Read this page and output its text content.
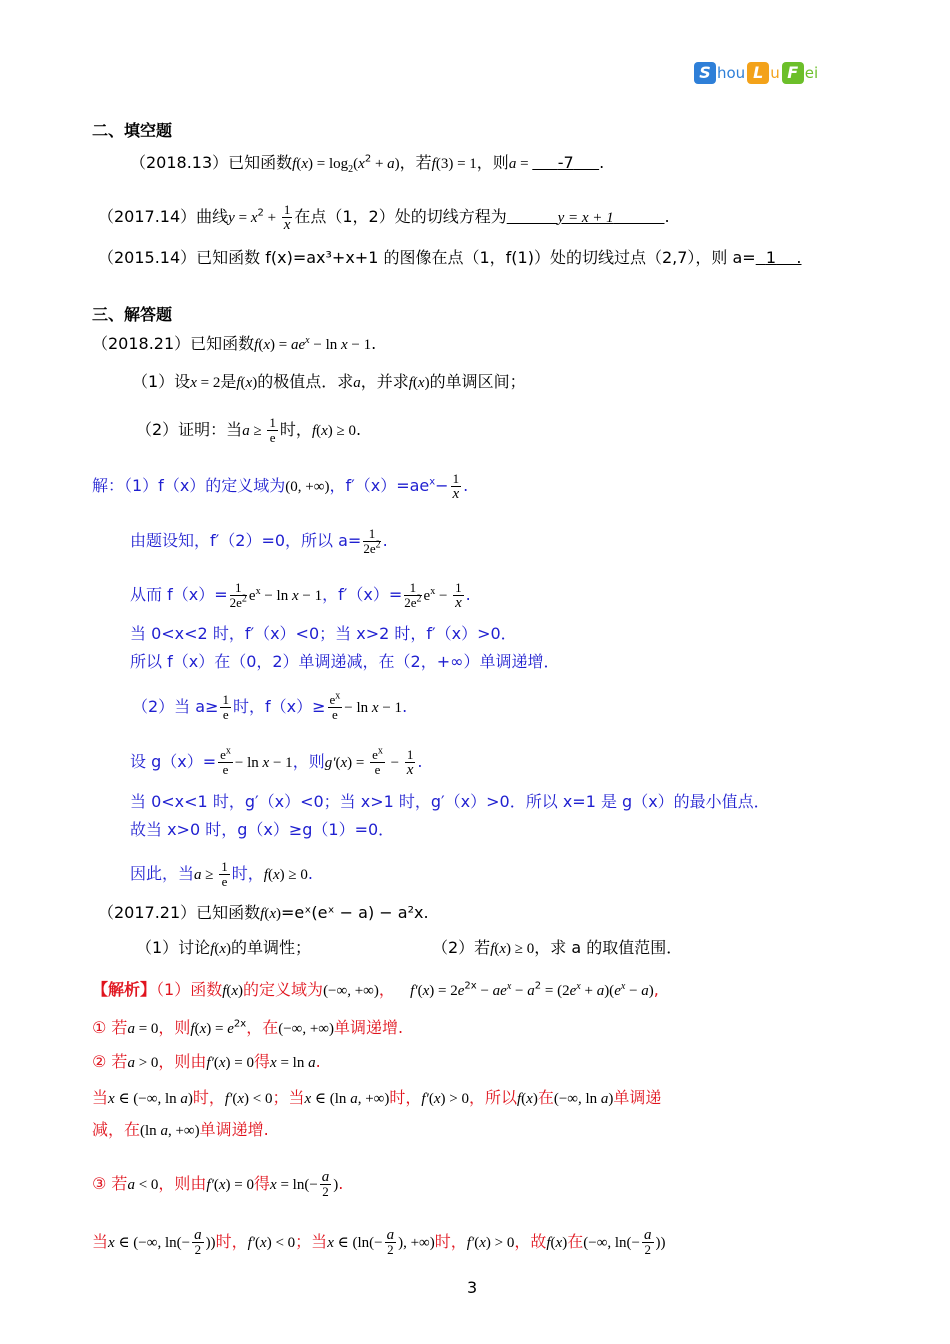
S hou L u F ei
二、填空题
（2018.13）已知函数$f(x) = \log_2(x^2 + a)$，若f(3) = 1，则a =      -7 .
（2017.14）曲线$y = x^2 + \frac{1}{x}$ 在点（1，2）处的切线方程为	y = x + 1	.
（2015.14）已知函数 f(x)=ax³+x+1 的图像在点（1，f(1)）处的切线过点（2,7），则 a= 1    .
三、解答题
（2018.21）已知函数$f(x) = ae^x - \ln x - 1$.
（1）设x = 2是f(x)的极值点．求a，并求f(x)的单调区间；
（2）证明：当$a \ge \frac{1}{e}$ 时，f(x) ≥ 0.
解：（1）f（x）的定义域为(0, +∞)，$f'(x)=ae^x- \frac{1}{x}$ .
由题设知，f′（2）=0，所以 $a= \frac{1}{2e^2}$ .
从而 $f(x)= \frac{1}{2e^2} e^x - \ln x - 1$，$f'(x)= \frac{1}{2e^2} e^x - \frac{1}{x}$ .
当 0<x<2 时，f′（x）<0；当 x>2 时，f′（x）>0．
所以 f（x）在（0，2）单调递减，在（2，+∞）单调递增．
（2）当 $a\ge \frac{1}{e}$ 时，$f(x)\ge \frac{e^x}{e} - \ln x - 1$.
设 $g(x)= \frac{e^x}{e} - \ln x - 1$，则$g'(x) = \frac{e^x}{e} - \frac{1}{x}$ .
当 0<x<1 时，g′（x）<0；当 x>1 时，g′（x）>0．所以 x=1 是 g（x）的最小值点．
故当 x>0 时，g（x）≥g（1）=0．
因此，当$a \ge \frac{1}{e}$ 时，f(x) ≥ 0.
（2017.21）已知函数f(x)=eˣ(eˣ − a) − a²x.
（1）讨论f(x)的单调性；	（2）若f(x) ≥ 0，求 a 的取值范围．
【解析】（1）函数f(x)的定义域为(−∞, +∞)， $f'(x) = 2e^{2x} - ae^x - a^2 = (2e^x + a)(e^x - a)$,
① 若a = 0，则$f(x) = e^{2x}$，在(−∞, +∞)单调递增.
② 若a > 0，则由f′(x) = 0得x = ln a.
当x ∈ (−∞, ln a)时，f′(x) < 0；当x ∈ (ln a, +∞)时，f′(x) > 0，所以f(x)在(−∞, ln a)单调递
减，在(ln a, +∞)单调递增.
③ 若a < 0，则由f′(x) = 0得$x = \ln(- \frac{a}{2}$ ).
当x ∈ (−∞, $\ln(- \frac{a}{2}$ ))时，f′(x) < 0；当x ∈ ($\ln(- \frac{a}{2}$ ), +∞)时，f′(x) > 0，故f(x)在(−∞, $\ln(- \frac{a}{2}$ ))
3
